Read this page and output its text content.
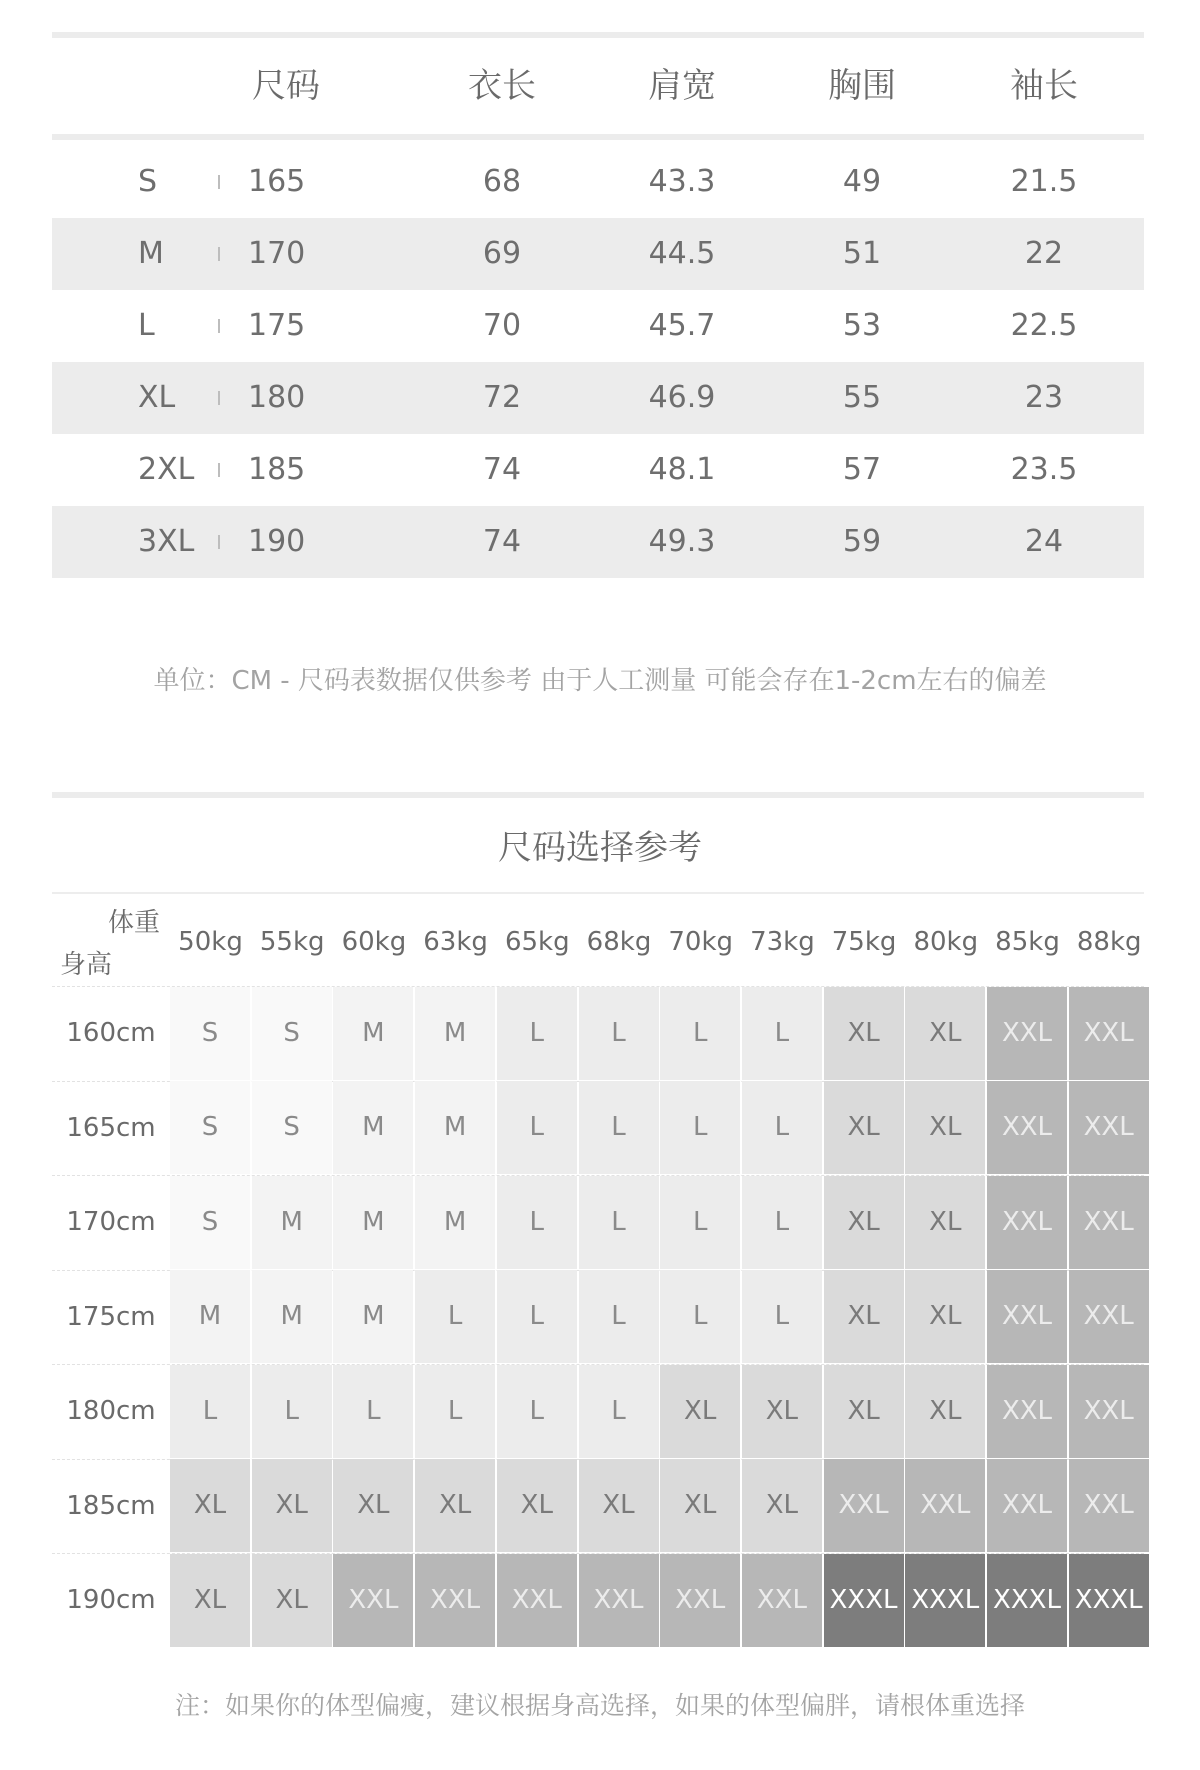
尺码	衣长	肩宽	胸围	袖长
S	165	68	43.3	49	21.5
M	170	69	44.5	51	22
L	175	70	45.7	53	22.5
XL 180	72	46.9	55	23
2XL 185	74	48.1	57	23.5
3XL 190	74	49.3	59	24
单位：CM - 尺码表数据仅供参考 由于人工测量 可能会存在1-2cm左右的偏差
尺码选择参考
体重
身高
50kg 55kg 60kg 63kg 65kg 68kg 70kg 73kg 75kg 80kg 85kg 88kg
160cm	S	S	M	M	L	L	L	L	XL	XL	XXL	XXL
165cm	S	S	M	M	L	L	L	L	XL	XL	XXL	XXL
170cm	S	M	M	M	L	L	L	L	XL	XL	XXL	XXL
175cm	M	M	M	L	L	L	L	L	XL	XL	XXL	XXL
180cm	L	L	L	L	L	L	XL	XL	XL	XL	XXL	XXL
185cm	XL	XL	XL	XL	XL	XL	XL	XL	XXL	XXL	XXL	XXL
190cm	XL	XL	XXL	XXL	XXL	XXL	XXL	XXL XXXL XXXL XXXL XXXL
注：如果你的体型偏瘦，建议根据身高选择，如果的体型偏胖，请根体重选择
